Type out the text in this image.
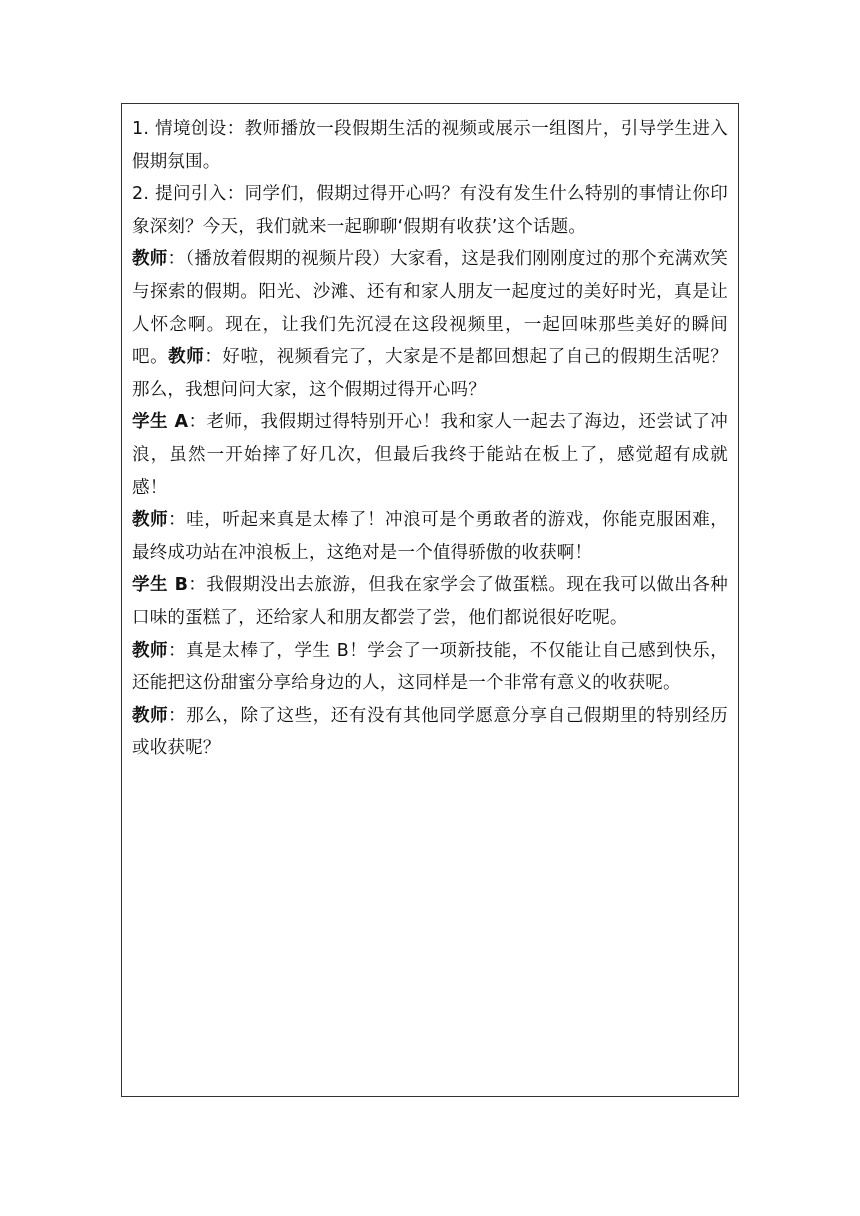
1. 情境创设：教师播放一段假期生活的视频或展示一组图片，引导学生进入假期氛围。

2. 提问引入：同学们，假期过得开心吗？有没有发生什么特别的事情让你印象深刻？今天，我们就来一起聊聊‘假期有收获’这个话题。

教师：（播放着假期的视频片段）大家看，这是我们刚刚度过的那个充满欢笑与探索的假期。阳光、沙滩、还有和家人朋友一起度过的美好时光，真是让人怀念啊。现在，让我们先沉浸在这段视频里，一起回味那些美好的瞬间吧。教师：好啦，视频看完了，大家是不是都回想起了自己的假期生活呢？那么，我想问问大家，这个假期过得开心吗？

学生 A：老师，我假期过得特别开心！我和家人一起去了海边，还尝试了冲浪，虽然一开始摔了好几次，但最后我终于能站在板上了，感觉超有成就感！

教师：哇，听起来真是太棒了！冲浪可是个勇敢者的游戏，你能克服困难，最终成功站在冲浪板上，这绝对是一个值得骄傲的收获啊！

学生 B：我假期没出去旅游，但我在家学会了做蛋糕。现在我可以做出各种口味的蛋糕了，还给家人和朋友都尝了尝，他们都说很好吃呢。

教师：真是太棒了，学生 B！学会了一项新技能，不仅能让自己感到快乐，还能把这份甜蜜分享给身边的人，这同样是一个非常有意义的收获呢。

教师：那么，除了这些，还有没有其他同学愿意分享自己假期里的特别经历或收获呢？
